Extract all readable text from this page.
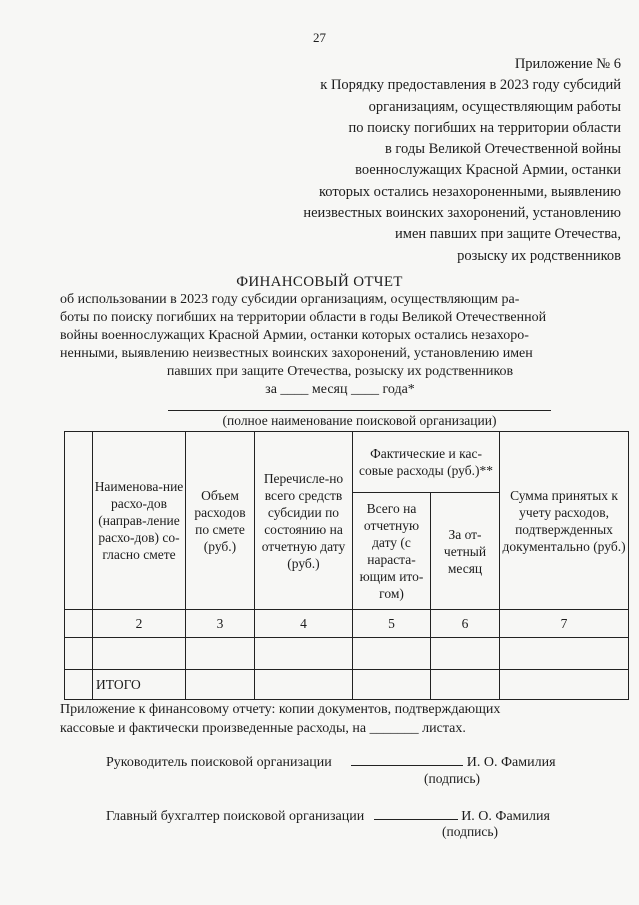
27
Приложение № 6
к Порядку предоставления в 2023 году субсидий
организациям, осуществляющим работы
по поиску погибших на территории области
в годы Великой Отечественной войны
военнослужащих Красной Армии, останки
которых остались незахороненными, выявлению
неизвестных воинских захоронений, установлению
имен павших при защите Отечества,
розыску их родственников
ФИНАНСОВЫЙ ОТЧЕТ
об использовании в 2023 году субсидии организациям, осуществляющим ра-
боты по поиску погибших на территории области в годы Великой Отечественной
войны военнослужащих Красной Армии, останки которых остались незахоро-
ненными, выявлению неизвестных воинских захоронений, установлению имен
павших при защите Отечества, розыску их родственников
за ____ месяц ____ года*
(полное наименование поисковой организации)
	Наименова-ние расхо-дов (направ-ление расхо-дов) со-гласно смете	Объем расходов по смете (руб.)	Перечисле-но всего средств субсидии по состоянию на отчетную дату (руб.)	Фактические и кас-совые расходы (руб.)**		Сумма принятых к учету расходов, подтвержденных документально (руб.)
				Всего на отчетную дату (с нараста-ющим ито-гом)	За от-четный месяц	
	2	3	4	5	6	7

	ИТОГО					
Приложение к финансовому отчету: копии документов, подтверждающих
кассовые и фактически произведенные расходы, на _______ листах.
Руководитель поисковой организации	И. О. Фамилия
(подпись)
Главный бухгалтер поисковой организации	И. О. Фамилия
(подпись)
